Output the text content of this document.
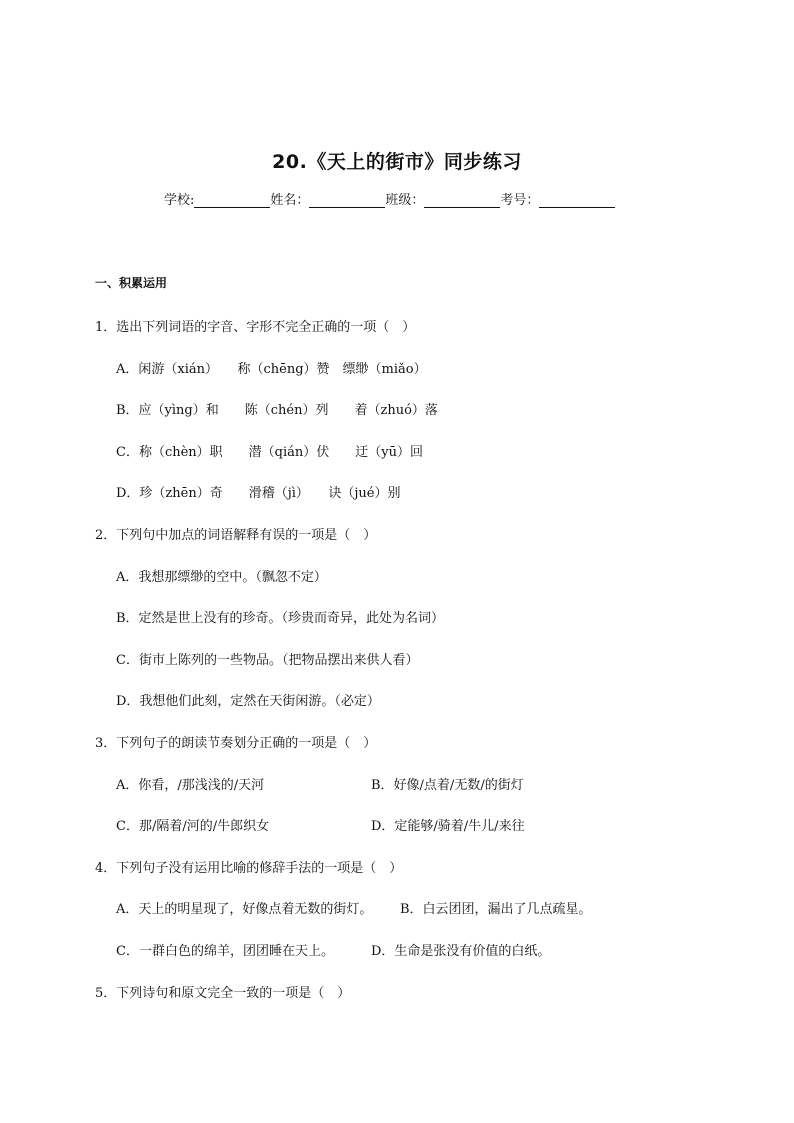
20.《天上的街市》同步练习
学校:	姓名：	班级：	考号：
一、积累运用
1．选出下列词语的字音、字形不完全正确的一项（　）
A．闲游（xián）　　称（chēng）赞　缥缈（miǎo）
B．应（yìng）和　　陈（chén）列　　着（zhuó）落
C．称（chèn）职　　潜（qián）伏　　迂（yū）回
D．珍（zhēn）奇　　滑稽（jì）　　诀（jué）别
2．下列句中加点的词语解释有误的一项是（　）
A．我想那缥缈的空中。（飘忽不定）
B．定然是世上没有的珍奇。（珍贵而奇异，此处为名词）
C．街市上陈列的一些物品。（把物品摆出来供人看）
D．我想他们此刻，定然在天街闲游。（必定）
3．下列句子的朗读节奏划分正确的一项是（　）
A．你看，/那浅浅的/天河	B．好像/点着/无数/的街灯
C．那/隔着/河的/牛郎织女	D．定能够/骑着/牛儿/来往
4．下列句子没有运用比喻的修辞手法的一项是（　）
A．天上的明星现了，好像点着无数的街灯。 B．白云团团，漏出了几点疏星。
C．一群白色的绵羊，团团睡在天上。	D．生命是张没有价值的白纸。
5．下列诗句和原文完全一致的一项是（　）
